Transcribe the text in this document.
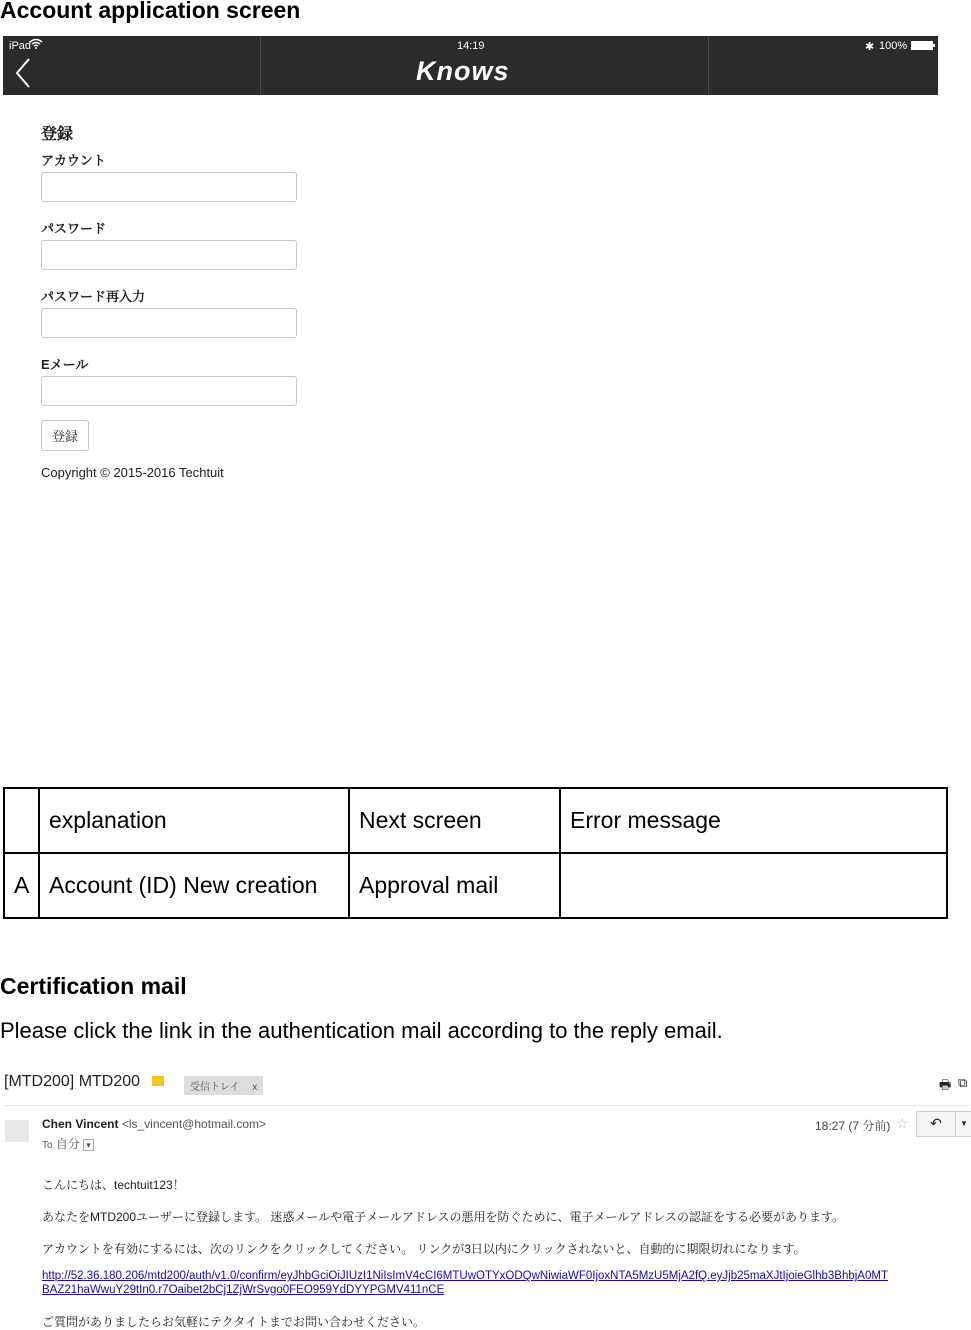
Account application screen
iPad	14:19	✱ 100%
Knows
登録
アカウント
パスワード
パスワード再入力
Eメール
登録
Copyright © 2015-2016 Techtuit
	explanation	Next screen	Error message
A	Account (ID) New creation	Approval mail	
Certification mail
Please click the link in the authentication mail according to the reply email.
[MTD200] MTD200	受信トレイ x	🖶 ⧉
Chen Vincent <ls_vincent@hotmail.com>
To 自分 ▾
18:27 (7 分前) ☆	↶	▾
こんにちは、techtuit123！
あなたをMTD200ユーザーに登録します。 迷惑メールや電子メールアドレスの悪用を防ぐために、電子メールアドレスの認証をする必要があります。
アカウントを有効にするには、次のリンクをクリックしてください。 リンクが3日以内にクリックされないと、自動的に期限切れになります。
http://52.36.180.206/mtd200/auth/v1.0/confirm/eyJhbGciOiJIUzI1NiIsImV4cCI6MTUwOTYxODQwNiwiaWF0IjoxNTA5MzU5MjA2fQ.eyJjb25maXJtIjoieGlhb3BhbjA0MT
BAZ21haWwuY29tIn0.r7Oaibet2bCj1ZjWrSvgo0FEO959YdDYYPGMV411nCE
ご質問がありましたらお気軽にテクタイトまでお問い合わせください。
